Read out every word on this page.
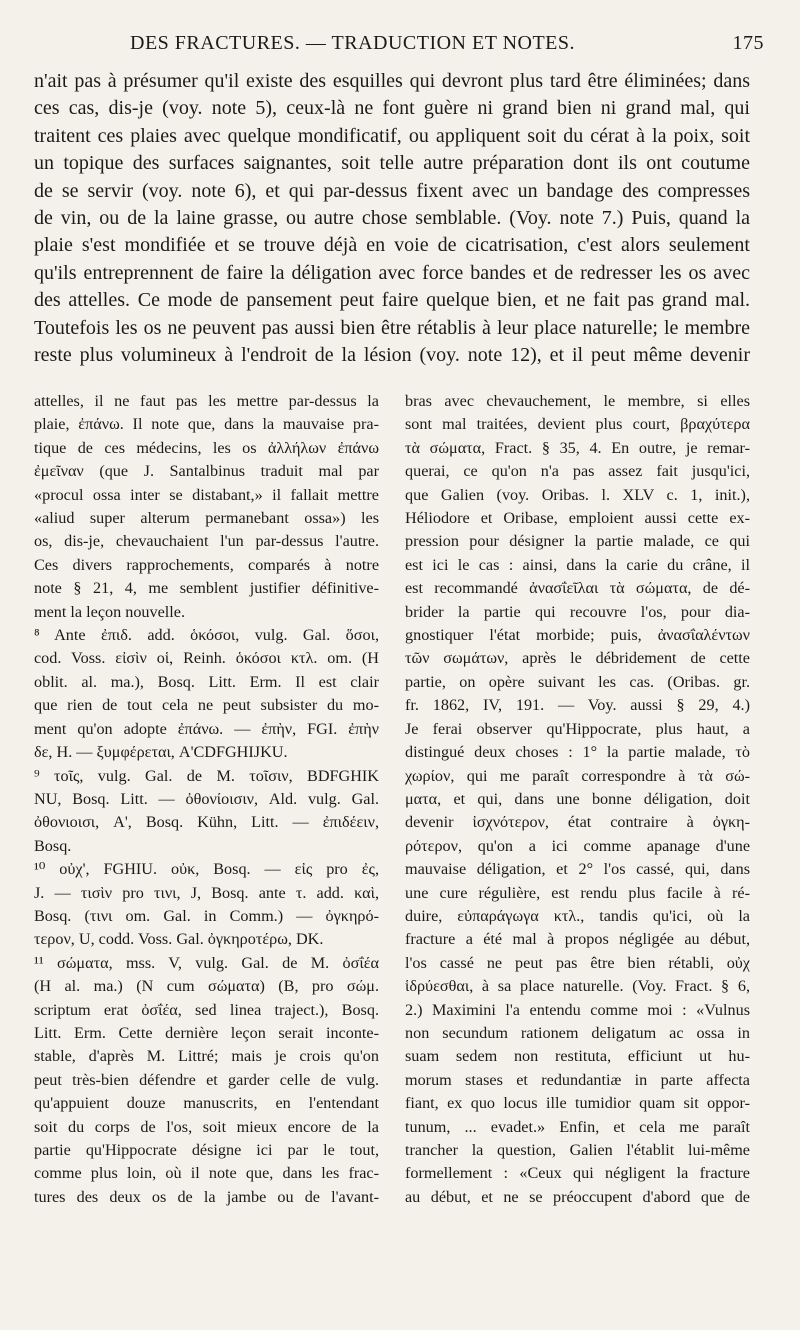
DES FRACTURES. — TRADUCTION ET NOTES.	175
n'ait pas à présumer qu'il existe des esquilles qui devront plus tard être éliminées; dans
ces cas, dis-je (voy. note 5), ceux-là ne font guère ni grand bien ni grand mal, qui
traitent ces plaies avec quelque mondificatif, ou appliquent soit du cérat à la poix, soit
un topique des surfaces saignantes, soit telle autre préparation dont ils ont coutume
de se servir (voy. note 6), et qui par-dessus fixent avec un bandage des compresses
de vin, ou de la laine grasse, ou autre chose semblable. (Voy. note 7.) Puis, quand la
plaie s'est mondifiée et se trouve déjà en voie de cicatrisation, c'est alors seulement
qu'ils entreprennent de faire la déligation avec force bandes et de redresser les os avec
des attelles. Ce mode de pansement peut faire quelque bien, et ne fait pas grand mal.
Toutefois les os ne peuvent pas aussi bien être rétablis à leur place naturelle; le membre
reste plus volumineux à l'endroit de la lésion (voy. note 12), et il peut même devenir
attelles, il ne faut pas les mettre par-dessus la
plaie, ἐπάνω. Il note que, dans la mauvaise pra-
tique de ces médecins, les os ἀλλήλων ἐπάνω
ἐμεῖναν (que J. Santalbinus traduit mal par
«procul ossa inter se distabant,» il fallait mettre
«aliud super alterum permanebant ossa») les
os, dis-je, chevauchaient l'un par-dessus l'autre.
Ces divers rapprochements, comparés à notre
note § 21, 4, me semblent justifier définitive-
ment la leçon nouvelle.
⁸ Ante ἐπιδ. add. ὁκόσοι, vulg. Gal. ὅσοι,
cod. Voss. εἰσὶν οἱ, Reinh. ὁκόσοι κτλ. om. (H
oblit. al. ma.), Bosq. Litt. Erm. Il est clair
que rien de tout cela ne peut subsister du mo-
ment qu'on adopte ἐπάνω. — ἐπὴν, FGI. ἐπὴν
δε, H. — ξυμφέρεται, A'CDFGHIJKU.
⁹ τοῖς, vulg. Gal. de M. τοῖσιν, BDFGHIK
NU, Bosq. Litt. — ὀθονίοισιν, Ald. vulg. Gal.
ὀθονιοισι, A', Bosq. Kühn, Litt. — ἐπιδέειν,
Bosq.
¹⁰ οὐχ', FGHIU. οὐκ, Bosq. — εἰς pro ἐς,
J. — τισὶν pro τινι, J, Bosq. ante τ. add. καὶ,
Bosq. (τινι om. Gal. in Comm.) — ὀγκηρό-
τερον, U, codd. Voss. Gal. ὀγκηροτέρω, DK.
¹¹ σώματα, mss. V, vulg. Gal. de M. ὀσΐέα
(H al. ma.) (N cum σώματα) (B, pro σώμ.
scriptum erat ὀσΐέα, sed linea traject.), Bosq.
Litt. Erm. Cette dernière leçon serait inconte-
stable, d'après M. Littré; mais je crois qu'on
peut très-bien défendre et garder celle de vulg.
qu'appuient douze manuscrits, en l'entendant
soit du corps de l'os, soit mieux encore de la
partie qu'Hippocrate désigne ici par le tout,
comme plus loin, où il note que, dans les frac-
tures des deux os de la jambe ou de l'avant-
bras avec chevauchement, le membre, si elles
sont mal traitées, devient plus court, βραχύτερα
τὰ σώματα, Fract. § 35, 4. En outre, je remar-
querai, ce qu'on n'a pas assez fait jusqu'ici,
que Galien (voy. Oribas. l. XLV c. 1, init.),
Héliodore et Oribase, emploient aussi cette ex-
pression pour désigner la partie malade, ce qui
est ici le cas : ainsi, dans la carie du crâne, il
est recommandé ἀνασΐεῖλαι τὰ σώματα, de dé-
brider la partie qui recouvre l'os, pour dia-
gnostiquer l'état morbide; puis, ἀνασΐαλέντων
τῶν σωμάτων, après le débridement de cette
partie, on opère suivant les cas. (Oribas. gr.
fr. 1862, IV, 191. — Voy. aussi § 29, 4.)
Je ferai observer qu'Hippocrate, plus haut, a
distingué deux choses : 1° la partie malade, τὸ
χωρίον, qui me paraît correspondre à τὰ σώ-
ματα, et qui, dans une bonne déligation, doit
devenir ἰσχνότερον, état contraire à ὀγκη-
ρότερον, qu'on a ici comme apanage d'une
mauvaise déligation, et 2° l'os cassé, qui, dans
une cure régulière, est rendu plus facile à ré-
duire, εὐπαράγωγα κτλ., tandis qu'ici, où la
fracture a été mal à propos négligée au début,
l'os cassé ne peut pas être bien rétabli, οὐχ
ἱδρύεσθαι, à sa place naturelle. (Voy. Fract. § 6,
2.) Maximini l'a entendu comme moi : «Vulnus
non secundum rationem deligatum ac ossa in
suam sedem non restituta, efficiunt ut hu-
morum stases et redundantiæ in parte affecta
fiant, ex quo locus ille tumidior quam sit oppor-
tunum, ... evadet.» Enfin, et cela me paraît
trancher la question, Galien l'établit lui-même
formellement : «Ceux qui négligent la fracture
au début, et ne se préoccupent d'abord que de
